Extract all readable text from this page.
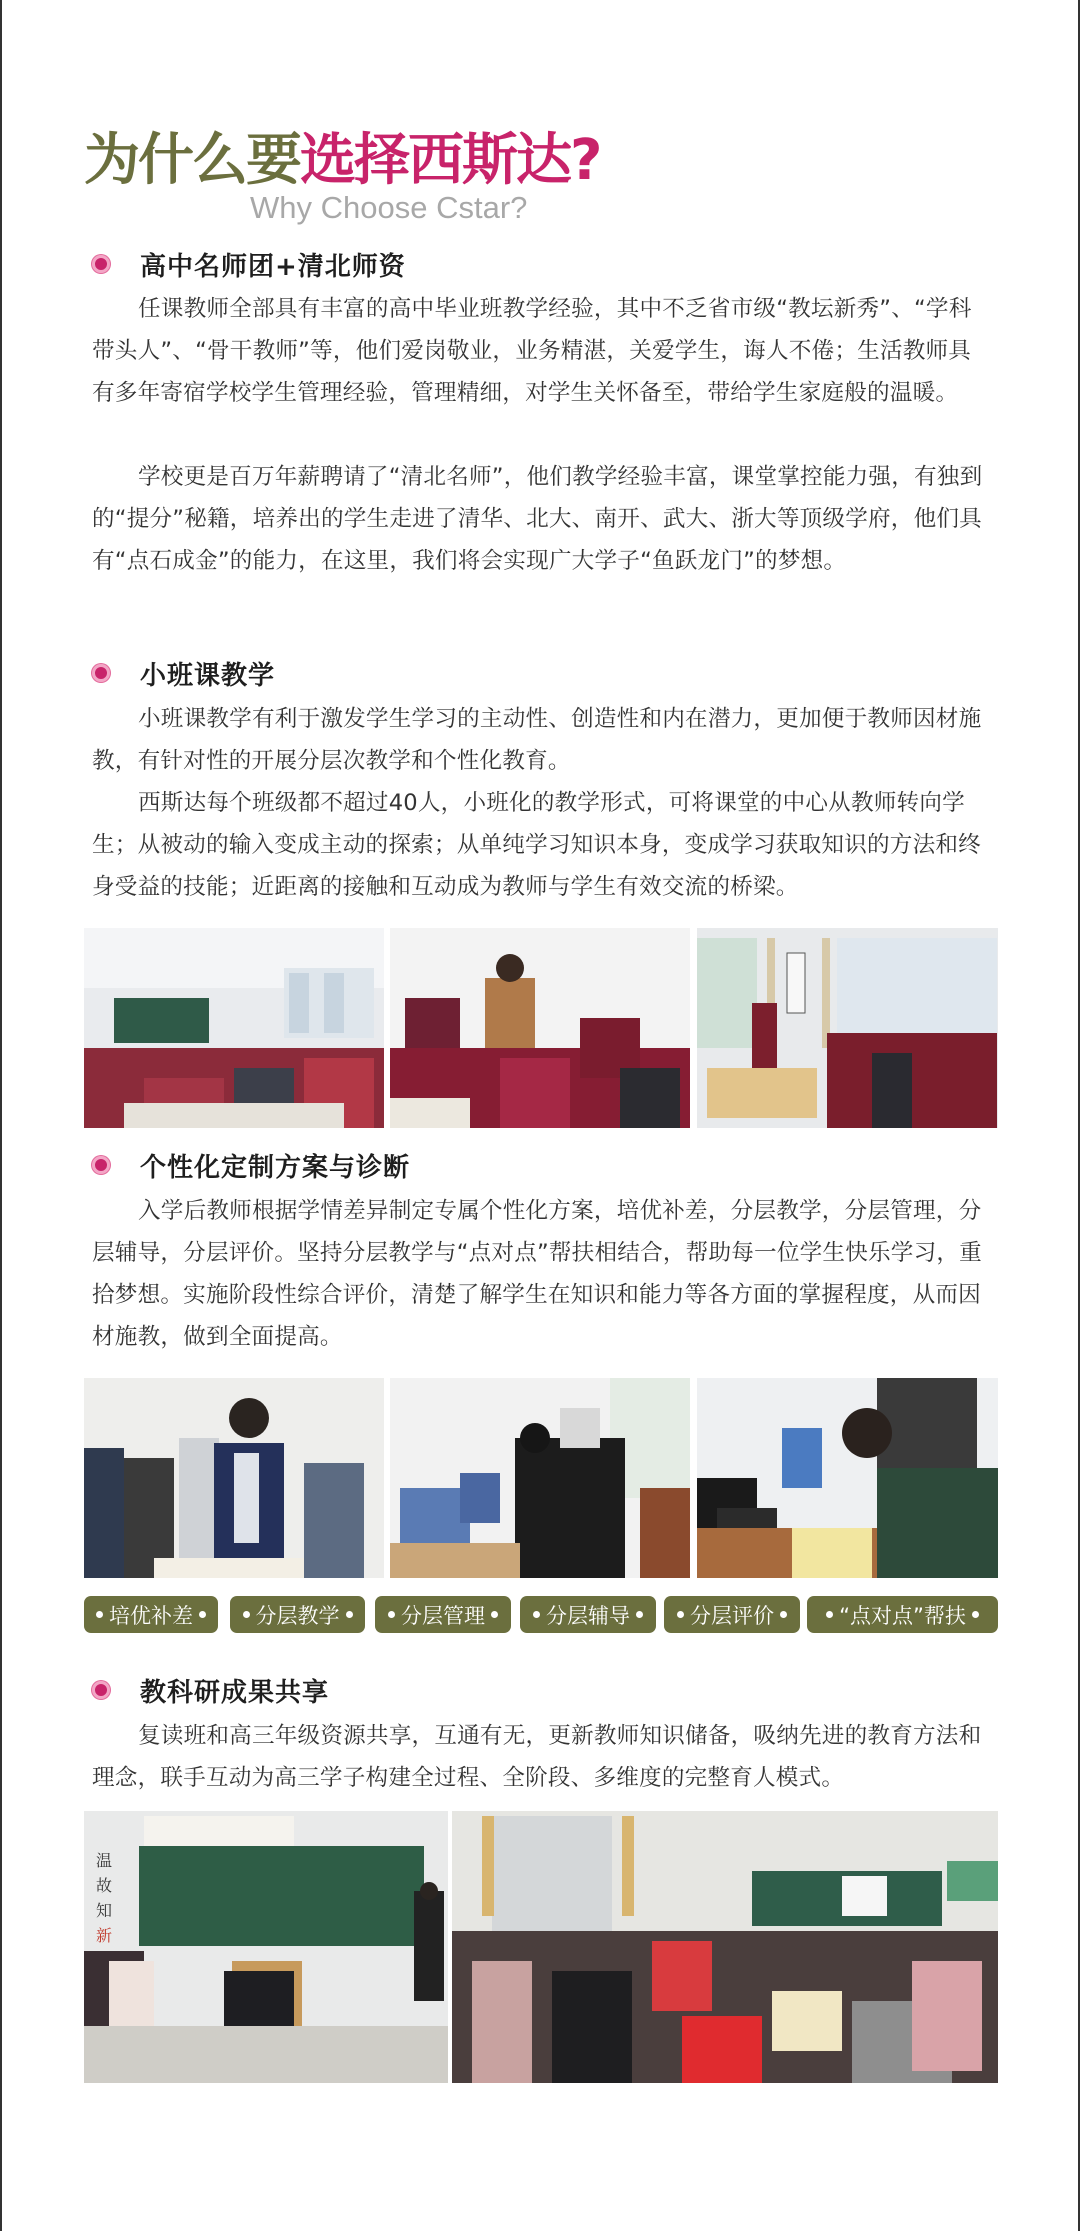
为什么要选择西斯达?
Why Choose Cstar?
高中名师团+清北师资
任课教师全部具有丰富的高中毕业班教学经验，其中不乏省市级“教坛新秀”、“学科带头人”、“骨干教师”等，他们爱岗敬业，业务精湛，关爱学生，诲人不倦；生活教师具有多年寄宿学校学生管理经验，管理精细，对学生关怀备至，带给学生家庭般的温暖。
学校更是百万年薪聘请了“清北名师”，他们教学经验丰富，课堂掌控能力强，有独到的“提分”秘籍，培养出的学生走进了清华、北大、南开、武大、浙大等顶级学府，他们具有“点石成金”的能力，在这里，我们将会实现广大学子“鱼跃龙门”的梦想。
小班课教学
小班课教学有利于激发学生学习的主动性、创造性和内在潜力，更加便于教师因材施教，有针对性的开展分层次教学和个性化教育。
西斯达每个班级都不超过40人，小班化的教学形式，可将课堂的中心从教师转向学生；从被动的输入变成主动的探索；从单纯学习知识本身，变成学习获取知识的方法和终身受益的技能；近距离的接触和互动成为教师与学生有效交流的桥梁。
个性化定制方案与诊断
入学后教师根据学情差异制定专属个性化方案，培优补差，分层教学，分层管理，分层辅导，分层评价。坚持分层教学与“点对点”帮扶相结合，帮助每一位学生快乐学习，重拾梦想。实施阶段性综合评价，清楚了解学生在知识和能力等各方面的掌握程度，从而因材施教，做到全面提高。
培优补差	分层教学	分层管理	分层辅导	分层评价	“点对点”帮扶
教科研成果共享
复读班和高三年级资源共享，互通有无，更新教师知识储备，吸纳先进的教育方法和理念，联手互动为高三学子构建全过程、全阶段、多维度的完整育人模式。
温
故
知
新
